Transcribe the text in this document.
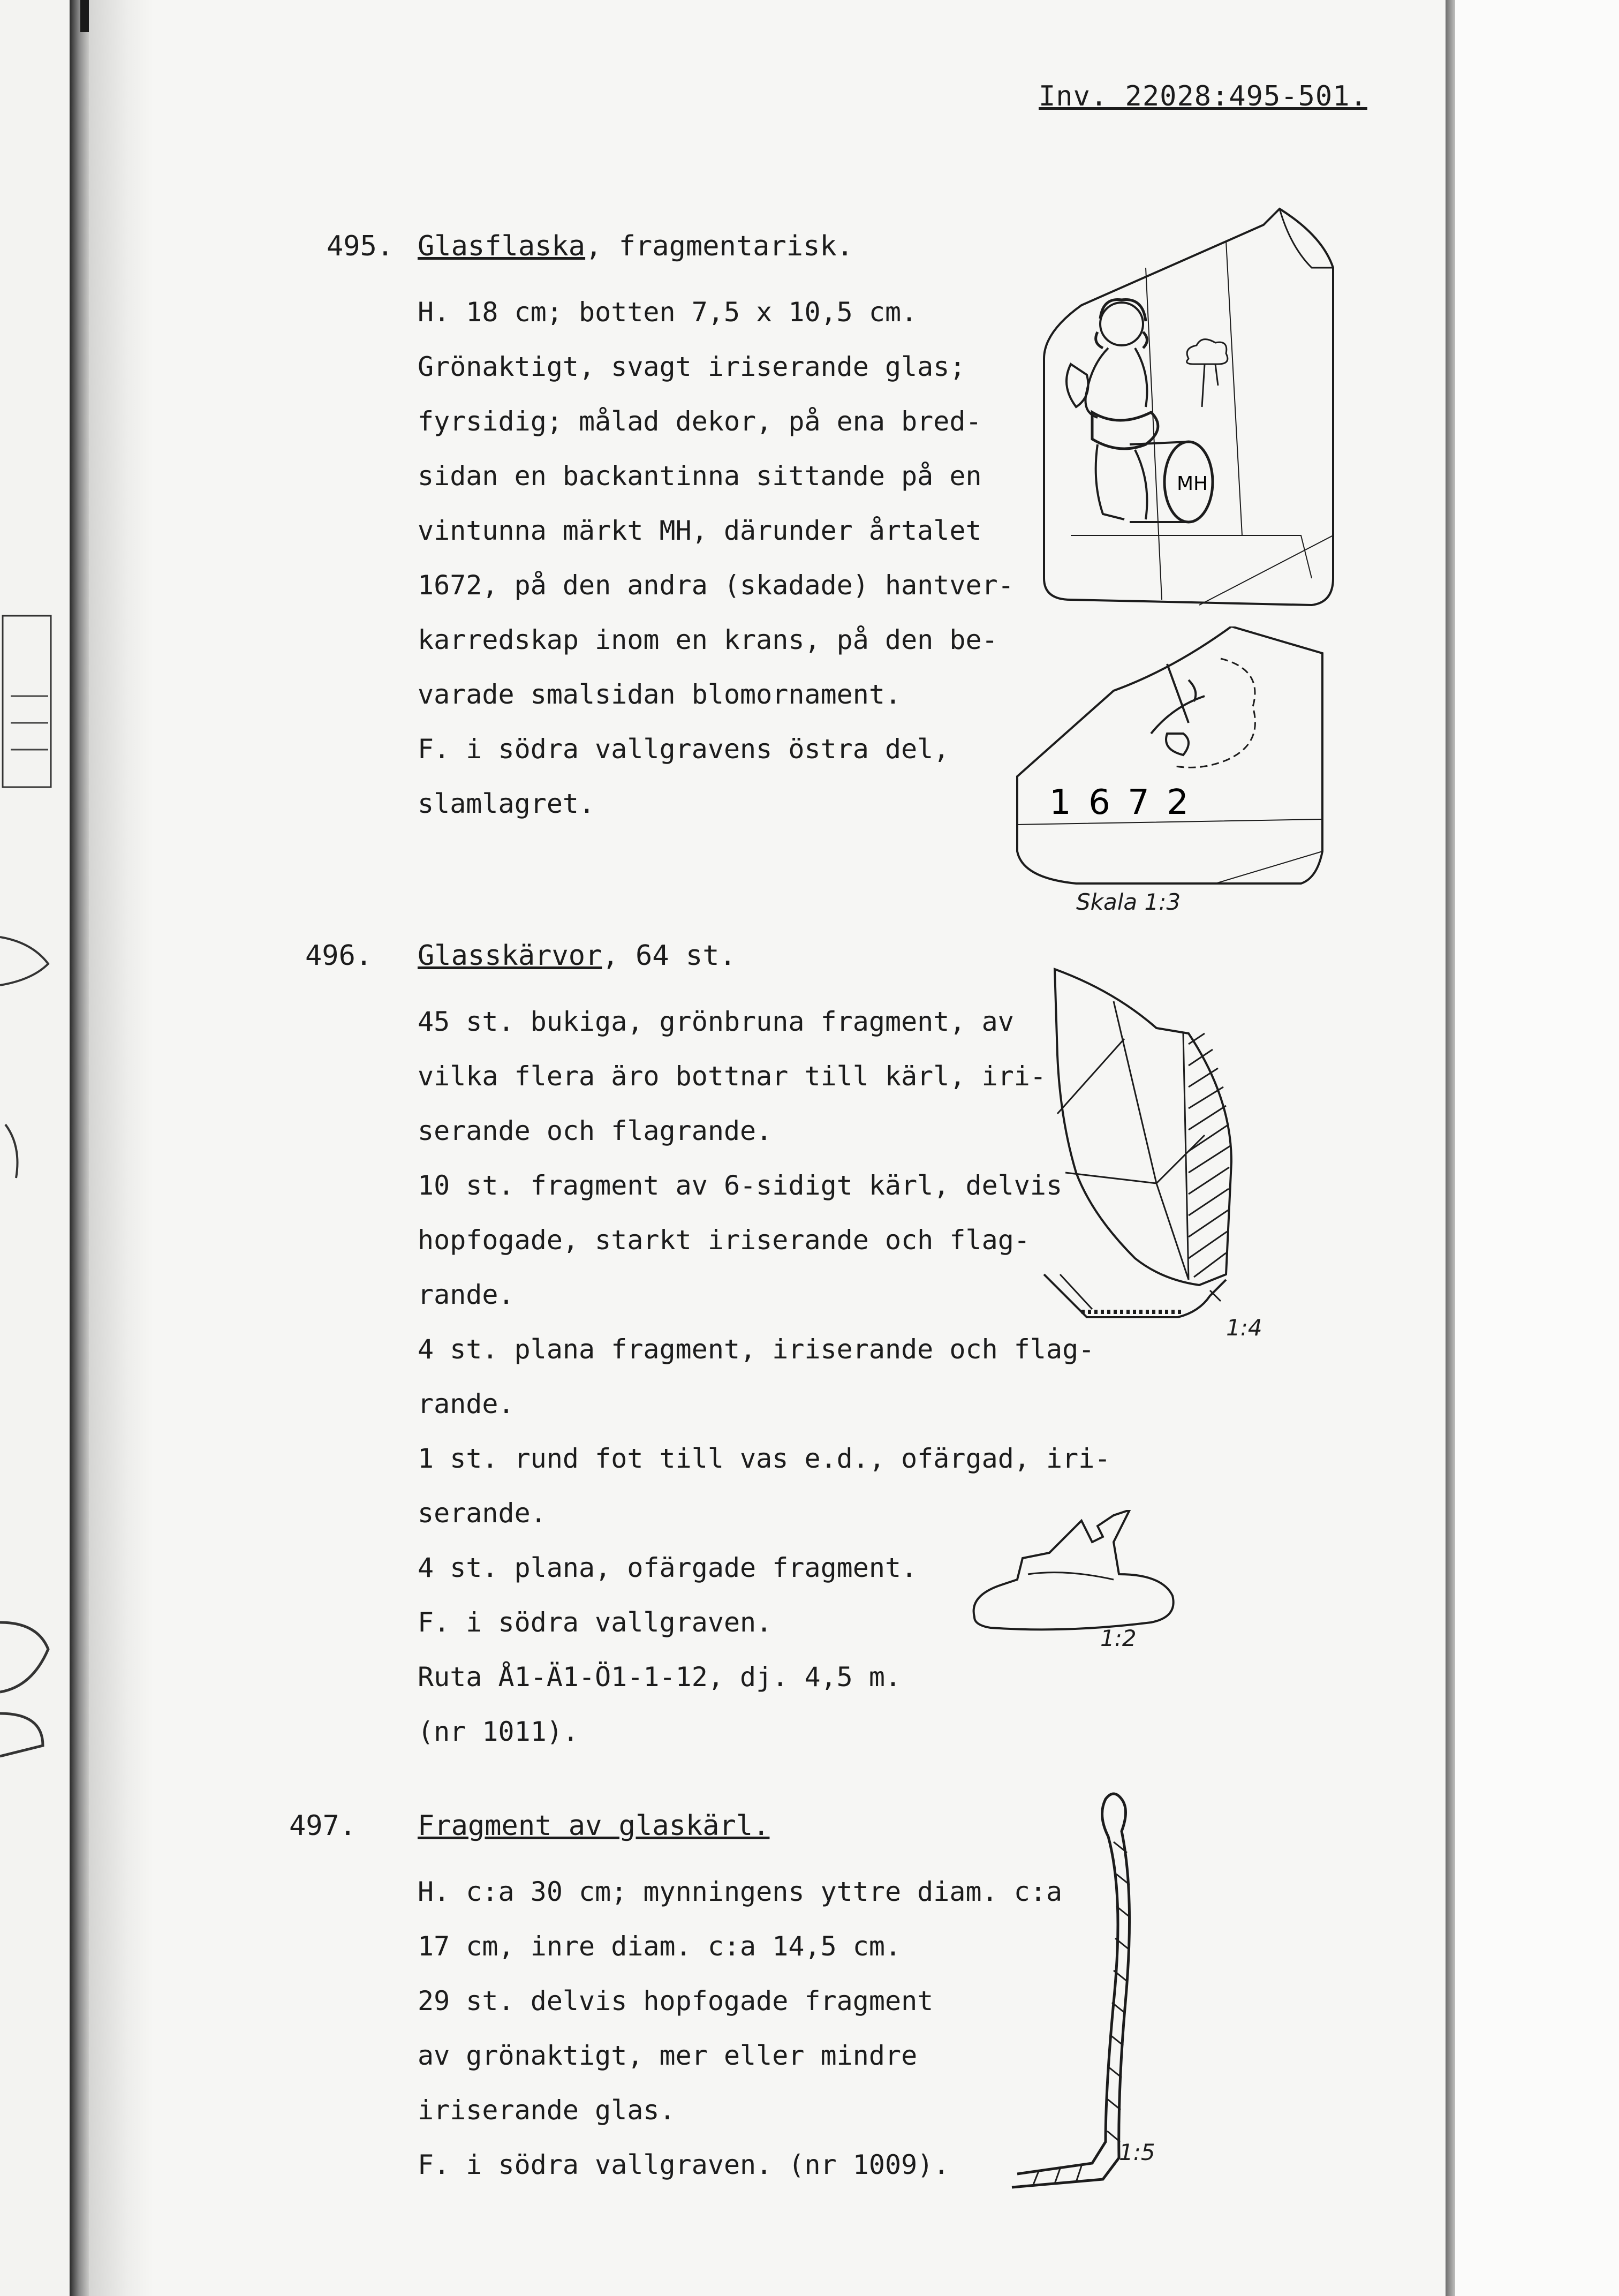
Inv. 22028:495-501.
495. Glasflaska, fragmentarisk.
H. 18 cm; botten 7,5 x 10,5 cm.
Grönaktigt, svagt iriserande glas;
fyrsidig; målad dekor, på ena bred-
sidan en backantinna sittande på en
vintunna märkt MH, därunder årtalet
1672, på den andra (skadade) hantver-
karredskap inom en krans, på den be-
varade smalsidan blomornament.
F. i södra vallgravens östra del,
slamlagret.
MH
1 6 7 2
Skala 1:3
496. Glasskärvor, 64 st.
45 st. bukiga, grönbruna fragment, av
vilka flera äro bottnar till kärl, iri-
serande och flagrande.
10 st. fragment av 6-sidigt kärl, delvis
hopfogade, starkt iriserande och flag-
rande.
4 st. plana fragment, iriserande och flag-
rande.
1 st. rund fot till vas e.d., ofärgad, iri-
serande.
4 st. plana, ofärgade fragment.
F. i södra vallgraven.
Ruta Å1-Ä1-Ö1-1-12, dj. 4,5 m.
(nr 1011).
1:4
1:2
497. Fragment av glaskärl.
H. c:a 30 cm; mynningens yttre diam. c:a
17 cm, inre diam. c:a 14,5 cm.
29 st. delvis hopfogade fragment
av grönaktigt, mer eller mindre
iriserande glas.
F. i södra vallgraven. (nr 1009).	1:5
